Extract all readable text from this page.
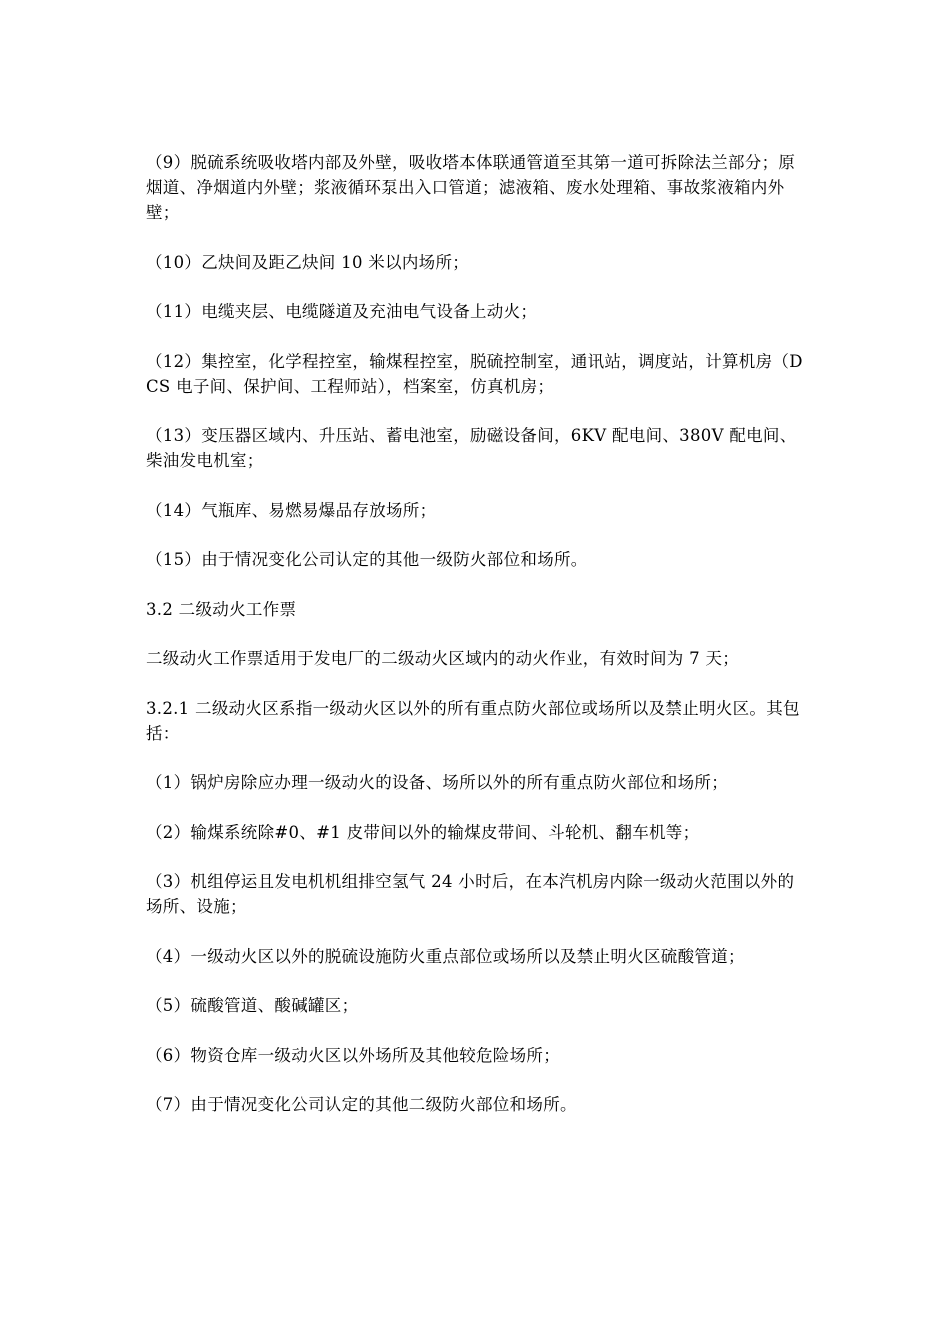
（9）脱硫系统吸收塔内部及外壁，吸收塔本体联通管道至其第一道可拆除法兰部分；原烟道、净烟道内外壁；浆液循环泵出入口管道；滤液箱、废水处理箱、事故浆液箱内外壁；

（10）乙炔间及距乙炔间 10 米以内场所；

（11）电缆夹层、电缆隧道及充油电气设备上动火；

（12）集控室，化学程控室，输煤程控室，脱硫控制室，通讯站，调度站，计算机房（DCS 电子间、保护间、工程师站），档案室，仿真机房；

（13）变压器区域内、升压站、蓄电池室，励磁设备间，6KV 配电间、380V 配电间、柴油发电机室；

（14）气瓶库、易燃易爆品存放场所；

（15）由于情况变化公司认定的其他一级防火部位和场所。

3.2 二级动火工作票

二级动火工作票适用于发电厂的二级动火区域内的动火作业，有效时间为 7 天；

3.2.1 二级动火区系指一级动火区以外的所有重点防火部位或场所以及禁止明火区。其包括：

（1）锅炉房除应办理一级动火的设备、场所以外的所有重点防火部位和场所；

（2）输煤系统除#0、#1 皮带间以外的输煤皮带间、斗轮机、翻车机等；

（3）机组停运且发电机机组排空氢气 24 小时后，在本汽机房内除一级动火范围以外的场所、设施；

（4）一级动火区以外的脱硫设施防火重点部位或场所以及禁止明火区硫酸管道；

（5）硫酸管道、酸碱罐区；

（6）物资仓库一级动火区以外场所及其他较危险场所；

（7）由于情况变化公司认定的其他二级防火部位和场所。
